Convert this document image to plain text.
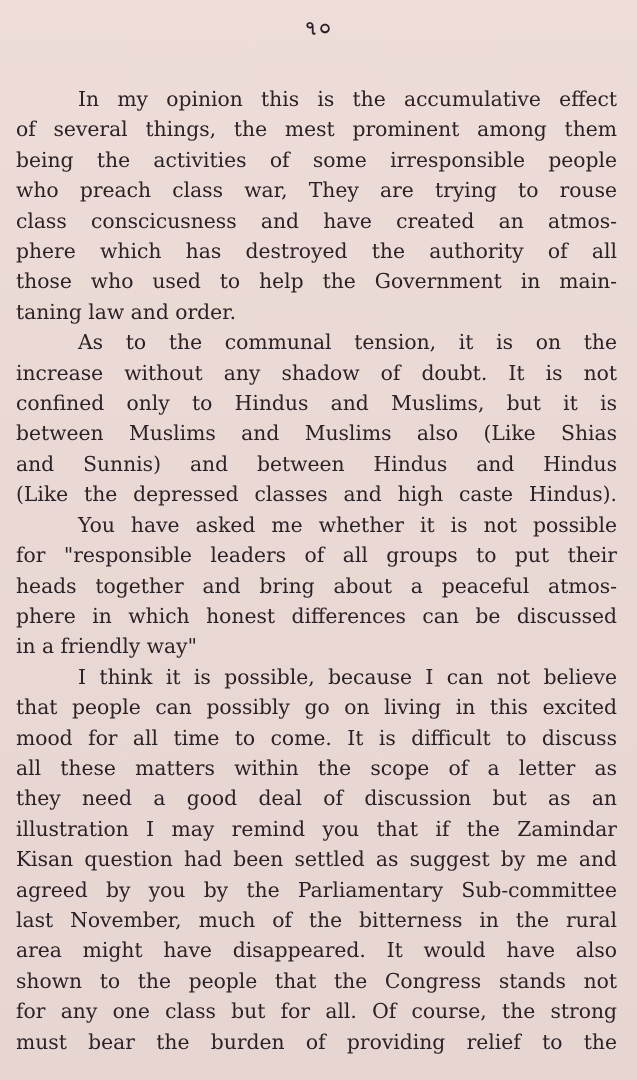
৭০
In my opinion this is the accumulative effect
of several things, the mest prominent among them
being the activities of some irresponsible people
who preach class war, They are trying to rouse
class conscicusness and have created an atmos-
phere which has destroyed the authority of all
those who used to help the Government in main-
taning law and order.
As to the communal tension, it is on the
increase without any shadow of doubt. It is not
confined only to Hindus and Muslims, but it is
between Muslims and Muslims also (Like Shias
and Sunnis) and between Hindus and Hindus
(Like the depressed classes and high caste Hindus).
You have asked me whether it is not possible
for "responsible leaders of all groups to put their
heads together and bring about a peaceful atmos-
phere in which honest differences can be discussed
in a friendly way"
I think it is possible, because I can not believe
that people can possibly go on living in this excited
mood for all time to come. It is difficult to discuss
all these matters within the scope of a letter as
they need a good deal of discussion but as an
illustration I may remind you that if the Zamindar
Kisan question had been settled as suggest by me and
agreed by you by the Parliamentary Sub-committee
last November, much of the bitterness in the rural
area might have disappeared. It would have also
shown to the people that the Congress stands not
for any one class but for all. Of course, the strong
must bear the burden of providing relief to the
